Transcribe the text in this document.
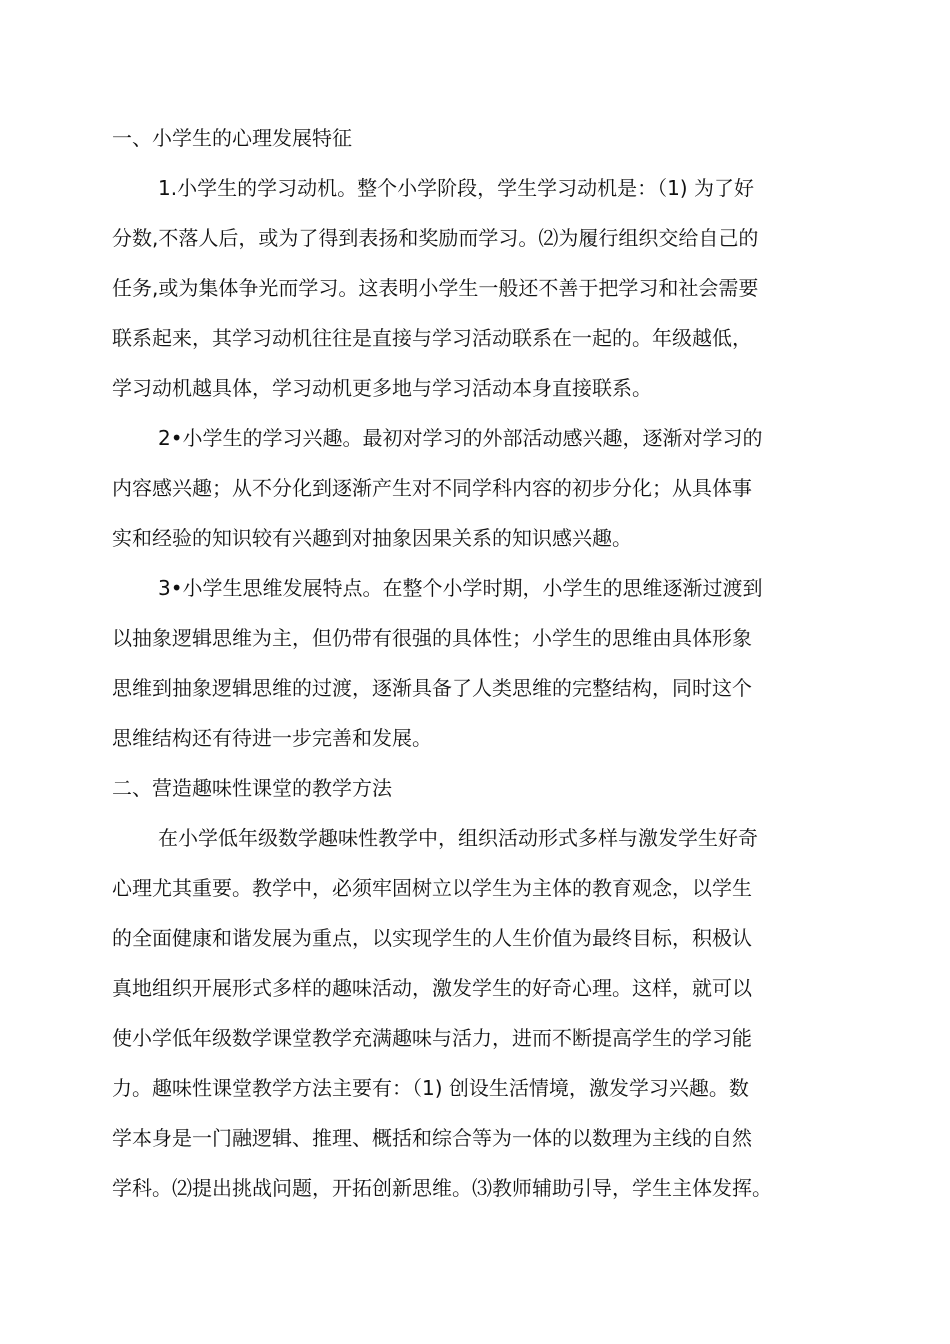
一、小学生的心理发展特征
1.小学生的学习动机。整个小学阶段，学生学习动机是：（1) 为了好
分数,不落人后，或为了得到表扬和奖励而学习。⑵为履行组织交给自己的
任务,或为集体争光而学习。这表明小学生一般还不善于把学习和社会需要
联系起来，其学习动机往往是直接与学习活动联系在一起的。年级越低，
学习动机越具体，学习动机更多地与学习活动本身直接联系。
2•小学生的学习兴趣。最初对学习的外部活动感兴趣，逐渐对学习的
内容感兴趣；从不分化到逐渐产生对不同学科内容的初步分化；从具体事
实和经验的知识较有兴趣到对抽象因果关系的知识感兴趣。
3•小学生思维发展特点。在整个小学时期，小学生的思维逐渐过渡到
以抽象逻辑思维为主，但仍带有很强的具体性；小学生的思维由具体形象
思维到抽象逻辑思维的过渡，逐渐具备了人类思维的完整结构，同时这个
思维结构还有待进一步完善和发展。
二、营造趣味性课堂的教学方法
在小学低年级数学趣味性教学中，组织活动形式多样与激发学生好奇
心理尤其重要。教学中，必须牢固树立以学生为主体的教育观念，以学生
的全面健康和谐发展为重点，以实现学生的人生价值为最终目标，积极认
真地组织开展形式多样的趣味活动，激发学生的好奇心理。这样，就可以
使小学低年级数学课堂教学充满趣味与活力，进而不断提高学生的学习能
力。趣味性课堂教学方法主要有：（1) 创设生活情境，激发学习兴趣。数
学本身是一门融逻辑、推理、概括和综合等为一体的以数理为主线的自然
学科。⑵提出挑战问题，开拓创新思维。⑶教师辅助引导，学生主体发挥。
